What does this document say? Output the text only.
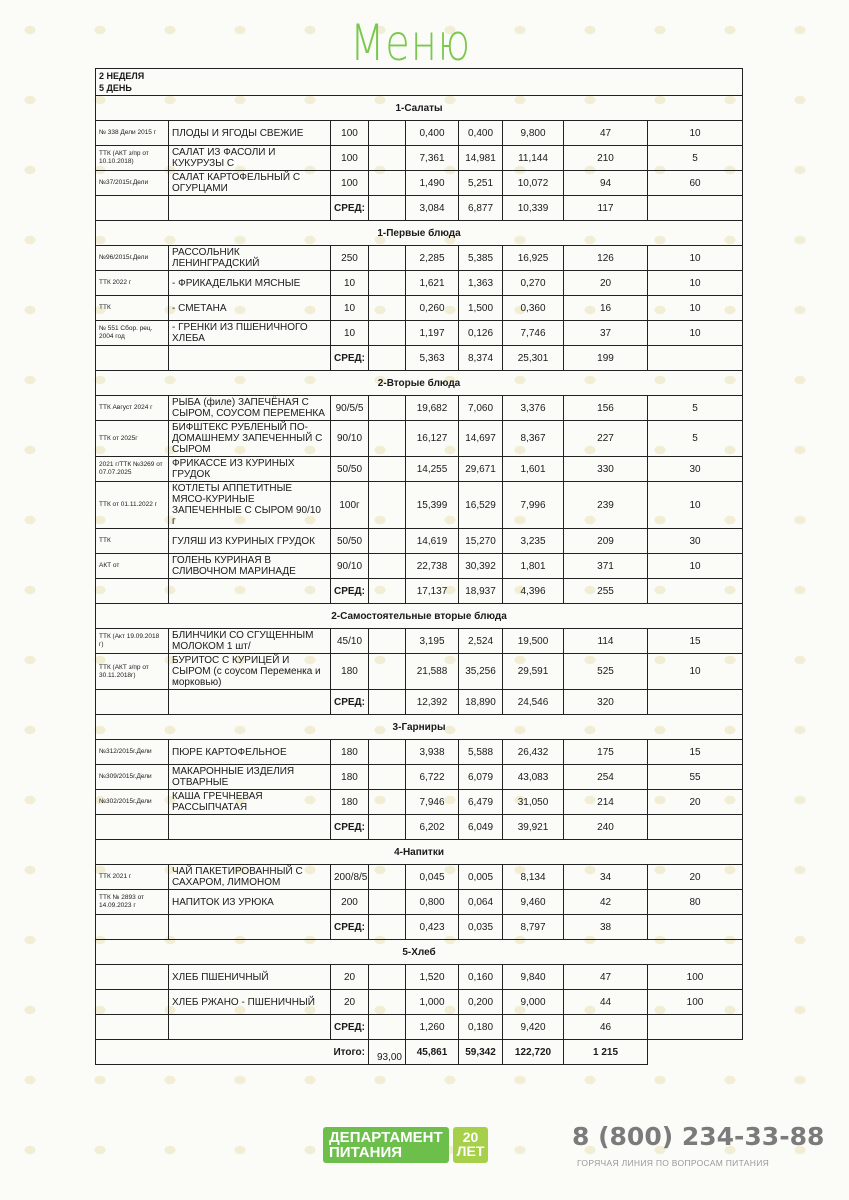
Меню
2 НЕДЕЛЯ
5 ДЕНЬ								

1-Салаты								
№ 338 Дели 2015 г	ПЛОДЫ И ЯГОДЫ СВЕЖИЕ	100		0,400	0,400	9,800	47	10
ТТК (АКТ з/пр от 10.10.2018)	САЛАТ ИЗ ФАСОЛИ И КУКУРУЗЫ С	100		7,361	14,981	11,144	210	5
№37/2015г.Дели	САЛАТ КАРТОФЕЛЬНЫЙ С ОГУРЦАМИ	100		1,490	5,251	10,072	94	60
		СРЕД:		3,084	6,877	10,339	117	
1-Первые блюда								
№96/2015г.Дели	РАССОЛЬНИК ЛЕНИНГРАДСКИЙ	250		2,285	5,385	16,925	126	10
ТТК 2022 г	- ФРИКАДЕЛЬКИ МЯСНЫЕ	10		1,621	1,363	0,270	20	10
ТТК	- СМЕТАНА	10		0,260	1,500	0,360	16	10
№ 551 Сбор. рец. 2004 год	- ГРЕНКИ ИЗ ПШЕНИЧНОГО ХЛЕБА	10		1,197	0,126	7,746	37	10
		СРЕД:		5,363	8,374	25,301	199	
2-Вторые блюда								
ТТК Август 2024 г	РЫБА (филе) ЗАПЕЧЁНАЯ С СЫРОМ, СОУСОМ ПЕРЕМЕНКА	90/5/5		19,682	7,060	3,376	156	5
ТТК от 2025г	БИФШТЕКС РУБЛЕНЫЙ ПО-ДОМАШНЕМУ ЗАПЕЧЕННЫЙ С СЫРОМ	90/10		16,127	14,697	8,367	227	5
2021 г/ТТК №3269 от 07.07.2025	ФРИКАССЕ ИЗ КУРИНЫХ ГРУДОК	50/50		14,255	29,671	1,601	330	30
ТТК от 01.11.2022 г	КОТЛЕТЫ АППЕТИТНЫЕ МЯСО-КУРИНЫЕ ЗАПЕЧЕННЫЕ С СЫРОМ 90/10 г	100г		15,399	16,529	7,996	239	10
ТТК	ГУЛЯШ ИЗ КУРИНЫХ ГРУДОК	50/50		14,619	15,270	3,235	209	30
АКТ от	ГОЛЕНЬ КУРИНАЯ В СЛИВОЧНОМ МАРИНАДЕ	90/10		22,738	30,392	1,801	371	10
		СРЕД:		17,137	18,937	4,396	255	
2-Самостоятельные вторые блюда								
ТТК (Акт 19.09.2018 г)	БЛИНЧИКИ СО СГУЩЕННЫМ МОЛОКОМ 1 шт/	45/10		3,195	2,524	19,500	114	15
ТТК (АКТ з/пр от 30.11.2018г)	БУРИТОС С КУРИЦЕЙ И СЫРОМ (с соусом Переменка и морковью)	180		21,588	35,256	29,591	525	10
		СРЕД:		12,392	18,890	24,546	320	
3-Гарниры								
№312/2015г.Дели	ПЮРЕ КАРТОФЕЛЬНОЕ	180		3,938	5,588	26,432	175	15
№309/2015г.Дели	МАКАРОННЫЕ ИЗДЕЛИЯ ОТВАРНЫЕ	180		6,722	6,079	43,083	254	55
№302/2015г.Дели	КАША ГРЕЧНЕВАЯ РАССЫПЧАТАЯ	180		7,946	6,479	31,050	214	20
		СРЕД:		6,202	6,049	39,921	240	
4-Напитки								
ТТК 2021 г	ЧАЙ ПАКЕТИРОВАННЫЙ С САХАРОМ, ЛИМОНОМ	200/8/5		0,045	0,005	8,134	34	20
ТТК № 2893 от 14.09.2023 г	НАПИТОК ИЗ УРЮКА	200		0,800	0,064	9,460	42	80
		СРЕД:		0,423	0,035	8,797	38	
5-Хлеб								
	ХЛЕБ ПШЕНИЧНЫЙ	20		1,520	0,160	9,840	47	100
	ХЛЕБ РЖАНО - ПШЕНИЧНЫЙ	20		1,000	0,200	9,000	44	100
		СРЕД:		1,260	0,180	9,420	46	
Итого:			93,00	45,861	59,342	122,720	1 215	
ДЕПАРТАМЕНТ
ПИТАНИЯ
20
ЛЕТ	8 (800) 234-33-88
ГОРЯЧАЯ ЛИНИЯ ПО ВОПРОСАМ ПИТАНИЯ
